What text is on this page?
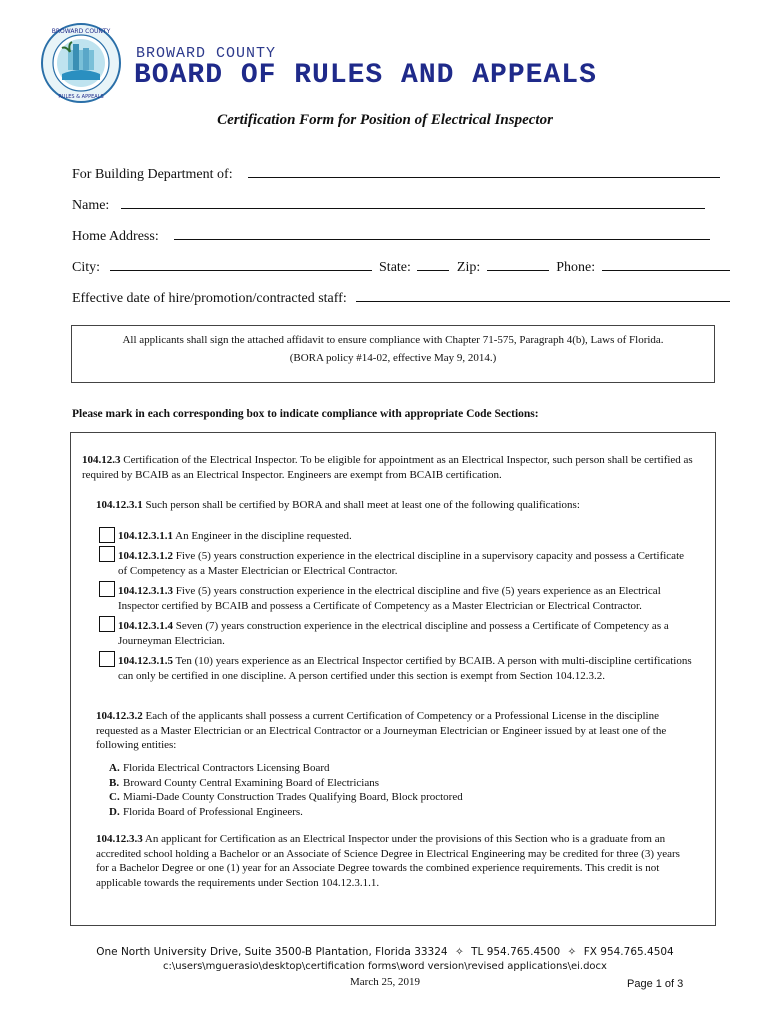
BROWARD COUNTY
RULES & APPEALS
BROWARD COUNTY
BOARD OF RULES AND APPEALS
Certification Form for Position of Electrical Inspector
For Building Department of:
Name:
Home Address:
City:	State:	Zip:	Phone:
Effective date of hire/promotion/contracted staff:

All applicants shall sign the attached affidavit to ensure compliance with Chapter 71-575, Paragraph 4(b), Laws of Florida.

(BORA policy #14-02, effective May 9, 2014.)

Please mark in each corresponding box to indicate compliance with appropriate Code Sections:
104.12.3 Certification of the Electrical Inspector. To be eligible for appointment as an Electrical Inspector, such person shall be certified as
required by BCAIB as an Electrical Inspector. Engineers are exempt from BCAIB certification.
104.12.3.1 Such person shall be certified by BORA and shall meet at least one of the following qualifications:
104.12.3.1.1 An Engineer in the discipline requested.
104.12.3.1.2 Five (5) years construction experience in the electrical discipline in a supervisory capacity and possess a Certificate
of Competency as a Master Electrician or Electrical Contractor.
104.12.3.1.3 Five (5) years construction experience in the electrical discipline and five (5) years experience as an Electrical
Inspector certified by BCAIB and possess a Certificate of Competency as a Master Electrician or Electrical Contractor.
104.12.3.1.4 Seven (7) years construction experience in the electrical discipline and possess a Certificate of Competency as a
Journeyman Electrician.
104.12.3.1.5 Ten (10) years experience as an Electrical Inspector certified by BCAIB. A person with multi-discipline certifications
can only be certified in one discipline. A person certified under this section is exempt from Section 104.12.3.2.
104.12.3.2 Each of the applicants shall possess a current Certification of Competency or a Professional License in the discipline
requested as a Master Electrician or an Electrical Contractor or a Journeyman Electrician or Engineer issued by at least one of the
following entities:
A. Florida Electrical Contractors Licensing Board
B. Broward County Central Examining Board of Electricians
C. Miami-Dade County Construction Trades Qualifying Board, Block proctored
D. Florida Board of Professional Engineers.
104.12.3.3 An applicant for Certification as an Electrical Inspector under the provisions of this Section who is a graduate from an
accredited school holding a Bachelor or an Associate of Science Degree in Electrical Engineering may be credited for three (3) years
for a Bachelor Degree or one (1) year for an Associate Degree towards the combined experience requirements. This credit is not
applicable towards the requirements under Section 104.12.3.1.1.
One North University Drive, Suite 3500-B Plantation, Florida 33324 ✧ TL 954.765.4500 ✧ FX 954.765.4504
c:\users\mguerasio\desktop\certification forms\word version\revised applications\ei.docx
March 25, 2019	Page 1 of 3
